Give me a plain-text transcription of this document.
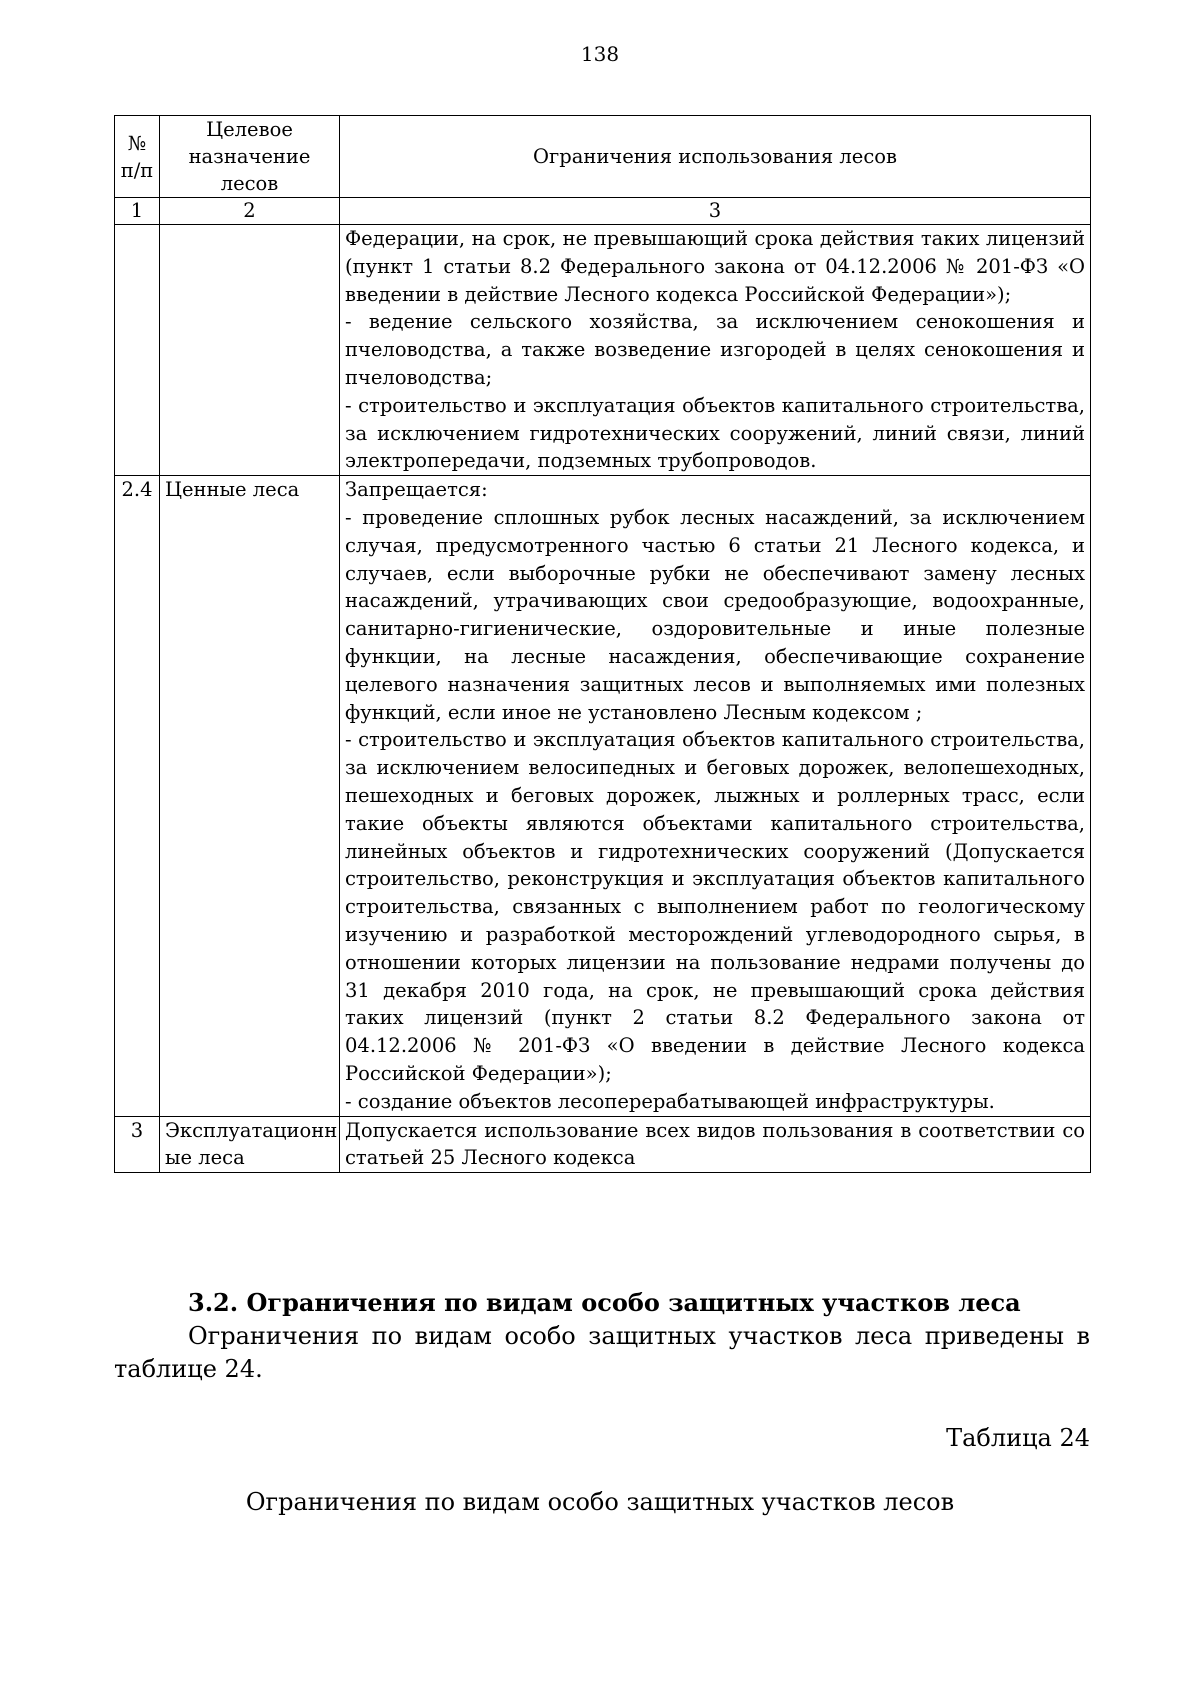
138
№ п/п	Целевое назначение лесов	Ограничения использования лесов
1	2	3

		Федерации, на срок, не превышающий срока действия таких лицензий (пункт 1 статьи 8.2 Федерального закона от 04.12.2006 № 201-ФЗ «О введении в действие Лесного кодекса Российской Федерации»);

- ведение сельского хозяйства, за исключением сенокошения и пчеловодства, а также возведение изгородей в целях сенокошения и пчеловодства;

- строительство и эксплуатация объектов капитального строительства, за исключением гидротехнических сооружений, линий связи, линий электропередачи, подземных трубопроводов.

2.4	Ценные леса	Запрещается:

- проведение сплошных рубок лесных насаждений, за исключением случая, предусмотренного частью 6 статьи 21 Лесного кодекса, и случаев, если выборочные рубки не обеспечивают замену лесных насаждений, утрачивающих свои средообразующие, водоохранные, санитарно-гигиенические, оздоровительные и иные полезные функции, на лесные насаждения, обеспечивающие сохранение целевого назначения защитных лесов и выполняемых ими полезных функций, если иное не установлено Лесным кодексом ;

- строительство и эксплуатация объектов капитального строительства, за исключением велосипедных и беговых дорожек, велопешеходных, пешеходных и беговых дорожек, лыжных и роллерных трасс, если такие объекты являются объектами капитального строительства, линейных объектов и гидротехнических сооружений (Допускается строительство, реконструкция и эксплуатация объектов капитального строительства, связанных с выполнением работ по геологическому изучению и разработкой месторождений углеводородного сырья, в отношении которых лицензии на пользование недрами получены до 31 декабря 2010 года, на срок, не превышающий срока действия таких лицензий (пункт 2 статьи 8.2 Федерального закона от 04.12.2006 № 201-ФЗ «О введении в действие Лесного кодекса Российской Федерации»);

- создание объектов лесоперерабатывающей инфраструктуры.

3	Эксплуатационн ые леса	Допускается использование всех видов пользования в соответствии со статьей 25 Лесного кодекса

3.2. Ограничения по видам особо защитных участков леса

Ограничения по видам особо защитных участков леса приведены в таблице 24.

Таблица 24

Ограничения по видам особо защитных участков лесов
